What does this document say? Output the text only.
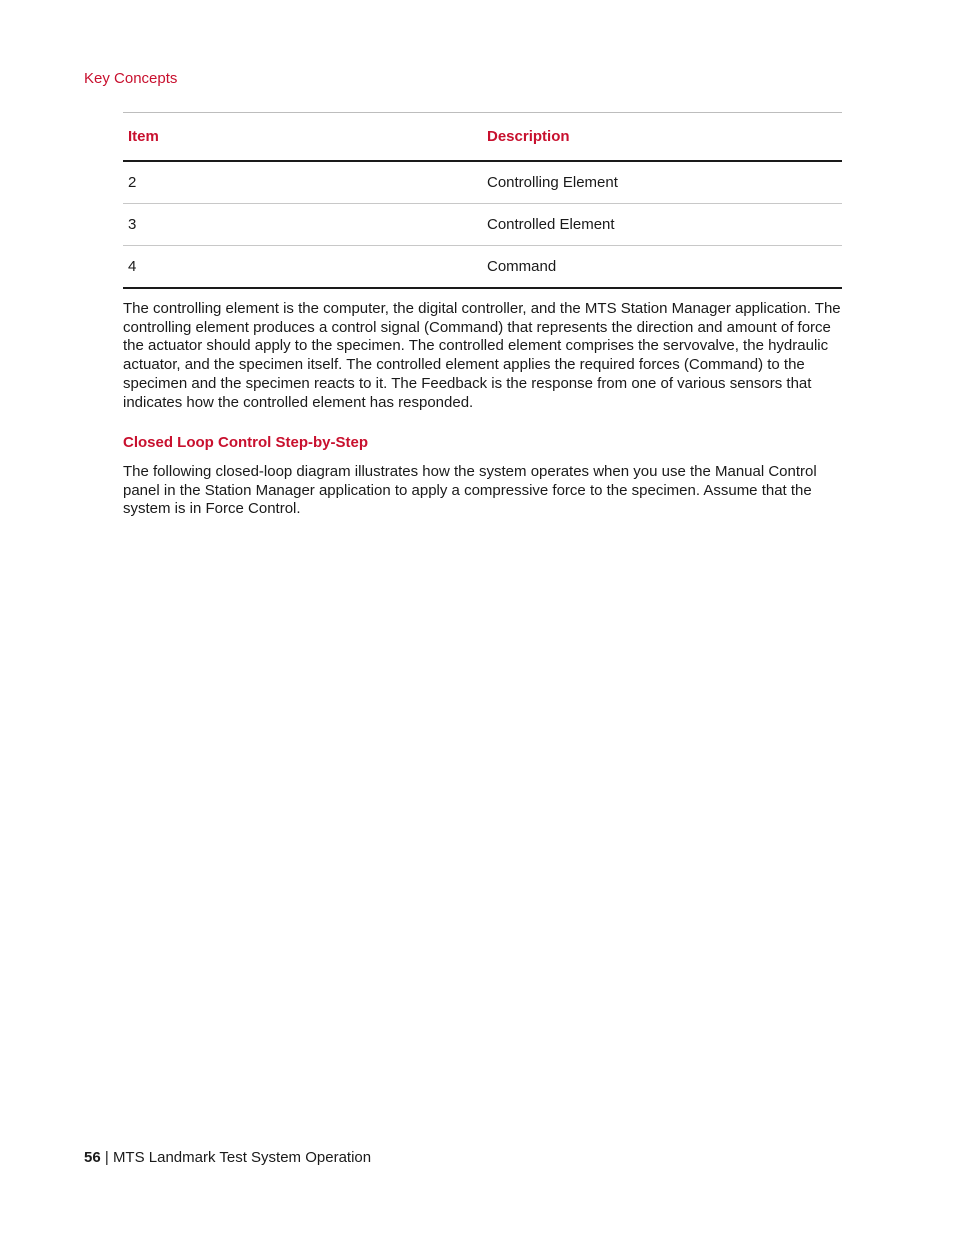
Key Concepts
Item	Description
2	Controlling Element
3	Controlled Element
4	Command

The controlling element is the computer, the digital controller, and the MTS Station Manager application. The controlling element produces a control signal (Command) that represents the direction and amount of force the actuator should apply to the specimen. The controlled element comprises the servovalve, the hydraulic actuator, and the specimen itself. The controlled element applies the required forces (Command) to the specimen and the specimen reacts to it. The Feedback is the response from one of various sensors that indicates how the controlled element has responded.

Closed Loop Control Step-by-Step

The following closed-loop diagram illustrates how the system operates when you use the Manual Control panel in the Station Manager application to apply a compressive force to the specimen. Assume that the system is in Force Control.

56 | MTS Landmark Test System Operation
